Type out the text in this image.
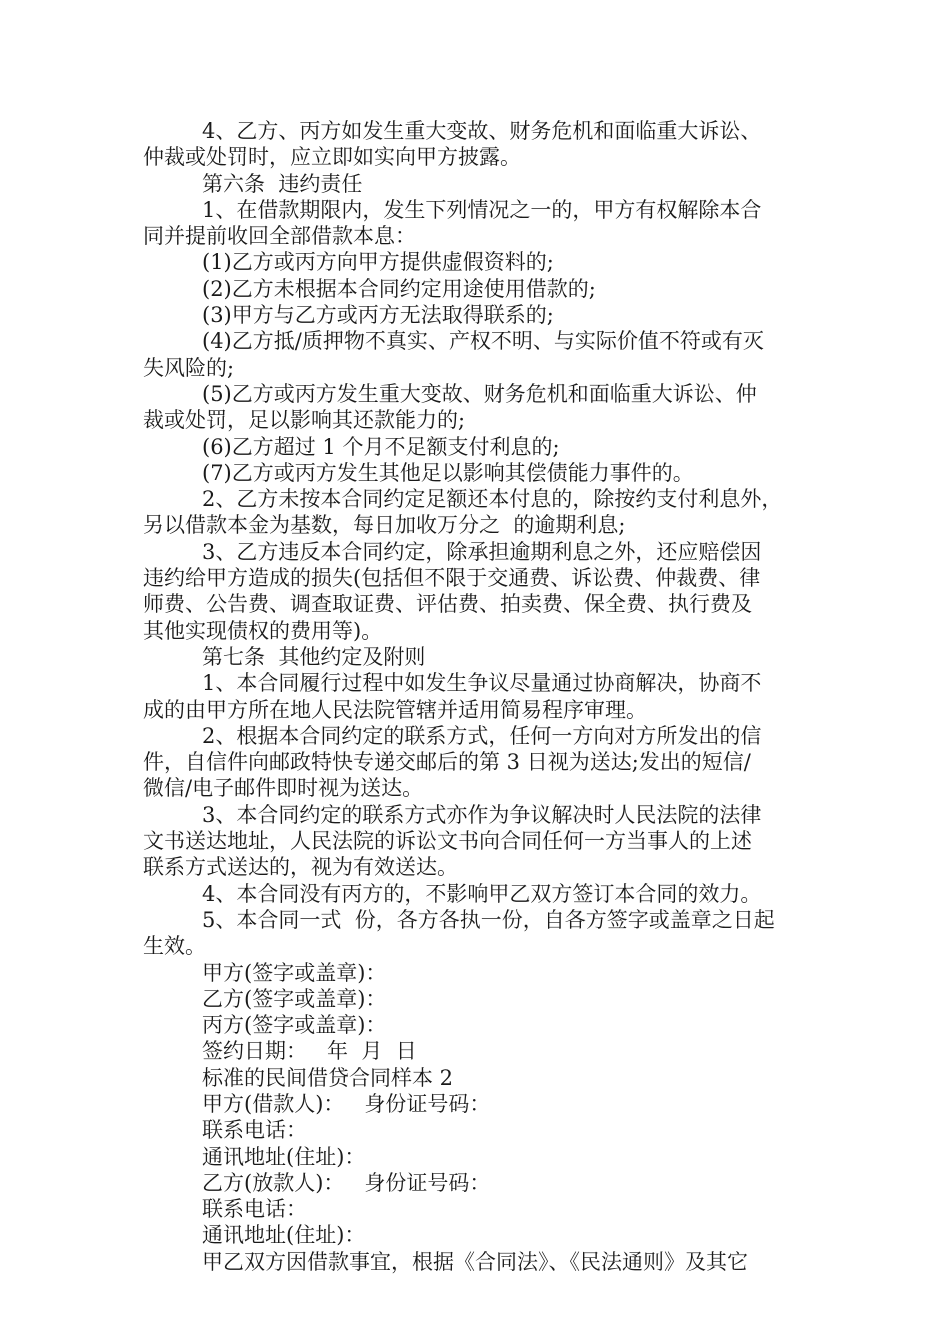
4、乙方、丙方如发生重大变故、财务危机和面临重大诉讼、
仲裁或处罚时，应立即如实向甲方披露。
第六条  违约责任
1、在借款期限内，发生下列情况之一的，甲方有权解除本合
同并提前收回全部借款本息：
(1)乙方或丙方向甲方提供虚假资料的;
(2)乙方未根据本合同约定用途使用借款的;
(3)甲方与乙方或丙方无法取得联系的;
(4)乙方抵/质押物不真实、产权不明、与实际价值不符或有灭
失风险的;
(5)乙方或丙方发生重大变故、财务危机和面临重大诉讼、仲
裁或处罚，足以影响其还款能力的;
(6)乙方超过 1 个月不足额支付利息的;
(7)乙方或丙方发生其他足以影响其偿债能力事件的。
2、乙方未按本合同约定足额还本付息的，除按约支付利息外，
另以借款本金为基数，每日加收万分之  的逾期利息;
3、乙方违反本合同约定，除承担逾期利息之外，还应赔偿因
违约给甲方造成的损失(包括但不限于交通费、诉讼费、仲裁费、律
师费、公告费、调查取证费、评估费、拍卖费、保全费、执行费及
其他实现债权的费用等)。
第七条  其他约定及附则
1、本合同履行过程中如发生争议尽量通过协商解决，协商不
成的由甲方所在地人民法院管辖并适用简易程序审理。
2、根据本合同约定的联系方式，任何一方向对方所发出的信
件，自信件向邮政特快专递交邮后的第 3 日视为送达;发出的短信/
微信/电子邮件即时视为送达。
3、本合同约定的联系方式亦作为争议解决时人民法院的法律
文书送达地址，人民法院的诉讼文书向合同任何一方当事人的上述
联系方式送达的，视为有效送达。
4、本合同没有丙方的，不影响甲乙双方签订本合同的效力。
5、本合同一式  份，各方各执一份，自各方签字或盖章之日起
生效。
甲方(签字或盖章)：
乙方(签字或盖章)：
丙方(签字或盖章)：
签约日期：   年  月  日
标准的民间借贷合同样本 2
甲方(借款人)：   身份证号码：
联系电话：
通讯地址(住址)：
乙方(放款人)：   身份证号码：
联系电话：
通讯地址(住址)：
甲乙双方因借款事宜，根据《合同法》、《民法通则》及其它
